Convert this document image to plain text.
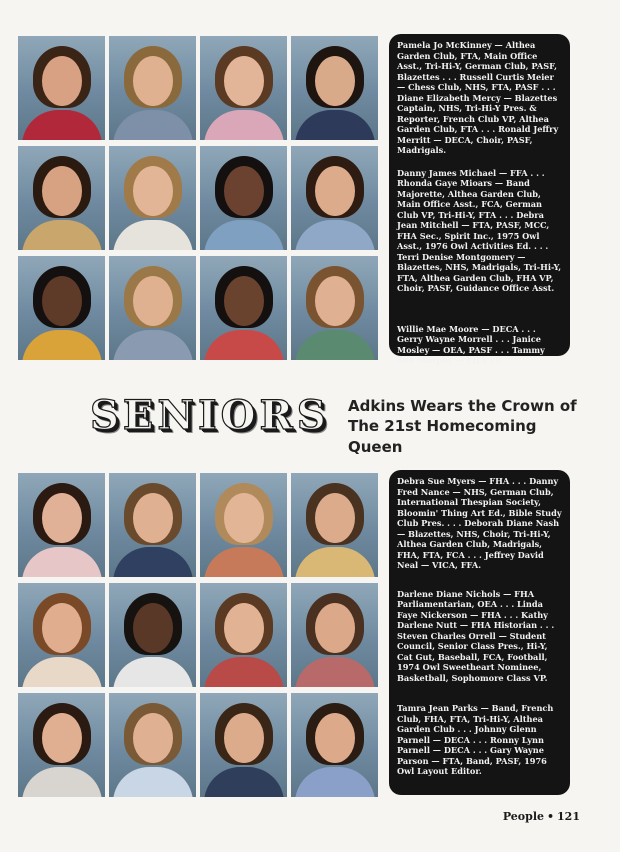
Pamela Jo McKinney — Althea Garden Club, FTA, Main Office Asst., Tri-Hi-Y, German Club, PASF, Blazettes . . . Russell Curtis Meier — Chess Club, NHS, FTA, PASF . . . Diane Elizabeth Mercy — Blazettes Captain, NHS, Tri-Hi-Y Pres. & Reporter, French Club VP, Althea Garden Club, FTA . . . Ronald Jeffry Merritt — DECA, Choir, PASF, Madrigals.

Danny James Michael — FFA . . . Rhonda Gaye Mioars — Band Majorette, Althea Garden Club, Main Office Asst., FCA, German Club VP, Tri-Hi-Y, FTA . . . Debra Jean Mitchell — FTA, PASF, MCC, FHA Sec., Spirit Inc., 1975 Owl Asst., 1976 Owl Activities Ed. . . . Terri Denise Montgomery — Blazettes, NHS, Madrigals, Tri-Hi-Y, FTA, Althea Garden Club, FHA VP, Choir, PASF, Guidance Office Asst.

Willie Mae Moore — DECA . . . Gerry Wayne Morrell . . . Janice Mosley — OEA, PASF . . . Tammy Sue Murphy — FHA VP.

SENIORS Adkins Wears the Crown of
The 21st Homecoming Queen

Debra Sue Myers — FHA . . . Danny Fred Nance — NHS, German Club, International Thespian Society, Bloomin' Thing Art Ed., Bible Study Club Pres. . . . Deborah Diane Nash — Blazettes, NHS, Choir, Tri-Hi-Y, Althea Garden Club, Madrigals, FHA, FTA, FCA . . . Jeffrey David Neal — VICA, FFA.

Darlene Diane Nichols — FHA Parliamentarian, OEA . . . Linda Faye Nickerson — FHA . . . Kathy Darlene Nutt — FHA Historian . . . Steven Charles Orrell — Student Council, Senior Class Pres., Hi-Y, Cat Gut, Baseball, FCA, Football, 1974 Owl Sweetheart Nominee, Basketball, Sophomore Class VP.

Tamra Jean Parks — Band, French Club, FHA, FTA, Tri-Hi-Y, Althea Garden Club . . . Johnny Glenn Parnell — DECA . . . Ronny Lynn Parnell — DECA . . . Gary Wayne Parson — FTA, Band, PASF, 1976 Owl Layout Editor.

People • 121
